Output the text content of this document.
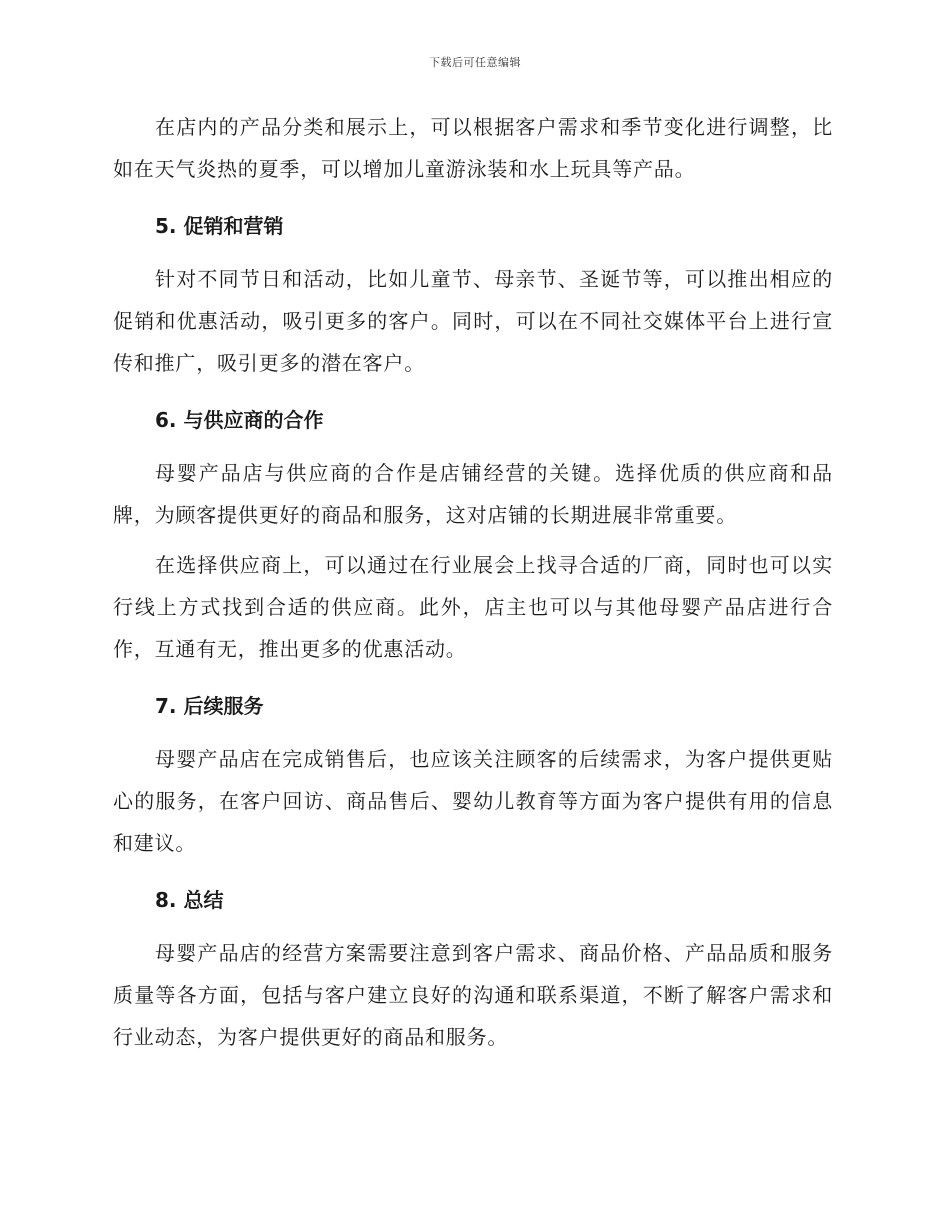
下载后可任意编辑

在店内的产品分类和展示上，可以根据客户需求和季节变化进行调整，比如在天气炎热的夏季，可以增加儿童游泳装和水上玩具等产品。

5. 促销和营销

针对不同节日和活动，比如儿童节、母亲节、圣诞节等，可以推出相应的促销和优惠活动，吸引更多的客户。同时，可以在不同社交媒体平台上进行宣传和推广，吸引更多的潜在客户。

6. 与供应商的合作

母婴产品店与供应商的合作是店铺经营的关键。选择优质的供应商和品牌，为顾客提供更好的商品和服务，这对店铺的长期进展非常重要。

在选择供应商上，可以通过在行业展会上找寻合适的厂商，同时也可以实行线上方式找到合适的供应商。此外，店主也可以与其他母婴产品店进行合作，互通有无，推出更多的优惠活动。

7. 后续服务

母婴产品店在完成销售后，也应该关注顾客的后续需求，为客户提供更贴心的服务，在客户回访、商品售后、婴幼儿教育等方面为客户提供有用的信息和建议。

8. 总结

母婴产品店的经营方案需要注意到客户需求、商品价格、产品品质和服务质量等各方面，包括与客户建立良好的沟通和联系渠道，不断了解客户需求和行业动态，为客户提供更好的商品和服务。
